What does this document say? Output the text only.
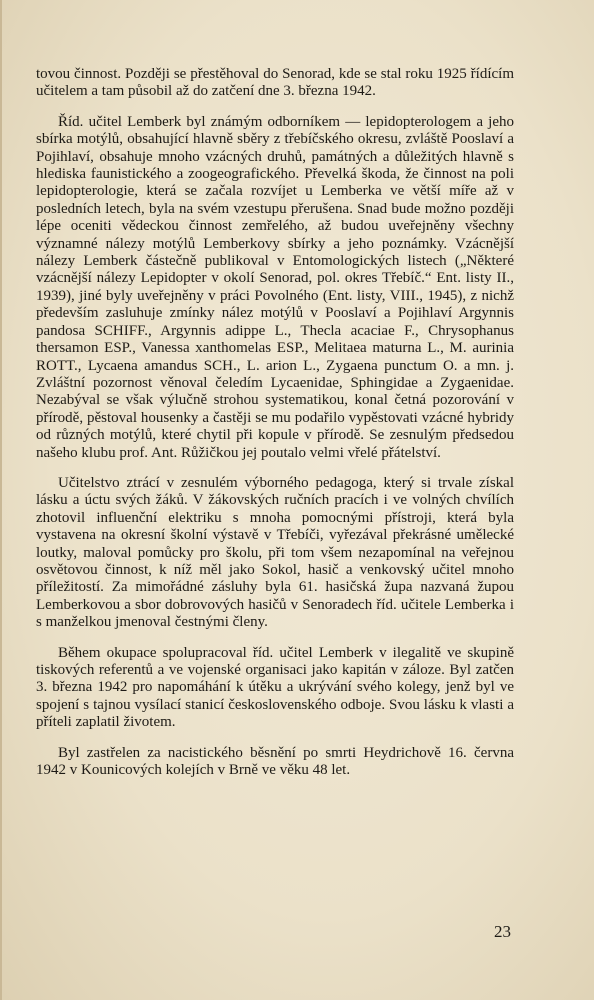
tovou činnost. Později se přestěhoval do Senorad, kde se stal roku 1925 řídícím učitelem a tam působil až do zatčení dne 3. března 1942.

Říd. učitel Lemberk byl známým odborníkem — lepidopterologem a jeho sbírka motýlů, obsahující hlavně sběry z třebíčského okresu, zvláště Pooslaví a Pojihlaví, obsahuje mnoho vzácných druhů, památných a důležitých hlavně s hlediska faunistického a zoogeografického. Převelká škoda, že činnost na poli lepidopterologie, která se začala rozvíjet u Lemberka ve větší míře až v posledních letech, byla na svém vzestupu přerušena. Snad bude možno později lépe oceniti vědeckou činnost zemřelého, až budou uveřejněny všechny významné nálezy motýlů Lemberkovy sbírky a jeho poznámky. Vzácnější nálezy Lemberk částečně publikoval v Entomologických listech („Některé vzácnější nálezy Lepidopter v okolí Senorad, pol. okres Třebíč.“ Ent. listy II., 1939), jiné byly uveřejněny v práci Povolného (Ent. listy, VIII., 1945), z nichž především zasluhuje zmínky nález motýlů v Pooslaví a Pojihlaví Argynnis pandosa SCHIFF., Argynnis adippe L., Thecla acaciae F., Chrysophanus thersamon ESP., Vanessa xanthomelas ESP., Melitaea maturna L., M. aurinia ROTT., Lycaena amandus SCH., L. arion L., Zygaena punctum O. a mn. j. Zvláštní pozornost věnoval čeledím Lycaenidae, Sphingidae a Zygaenidae. Nezabýval se však výlučně strohou systematikou, konal četná pozorování v přírodě, pěstoval housenky a častěji se mu podařilo vypěstovati vzácné hybridy od různých motýlů, které chytil při kopule v přírodě. Se zesnulým předsedou našeho klubu prof. Ant. Růžičkou jej poutalo velmi vřelé přátelství.

Učitelstvo ztrácí v zesnulém výborného pedagoga, který si trvale získal lásku a úctu svých žáků. V žákovských ručních pracích i ve volných chvílích zhotovil influenční elektriku s mnoha pomocnými přístroji, která byla vystavena na okresní školní výstavě v Třebíči, vyřezával překrásné umělecké loutky, maloval pomůcky pro školu, při tom všem nezapomínal na veřejnou osvětovou činnost, k níž měl jako Sokol, hasič a venkovský učitel mnoho příležitostí. Za mimořádné zásluhy byla 61. hasičská župa nazvaná župou Lemberkovou a sbor dobrovových hasičů v Senoradech říd. učitele Lemberka i s manželkou jmenoval čestnými členy.

Během okupace spolupracoval říd. učitel Lemberk v ilegalitě ve skupině tiskových referentů a ve vojenské organisaci jako kapitán v záloze. Byl zatčen 3. března 1942 pro napomáhání k útěku a ukrývání svého kolegy, jenž byl ve spojení s tajnou vysílací stanicí československého odboje. Svou lásku k vlasti a příteli zaplatil životem.

Byl zastřelen za nacistického běsnění po smrti Heydrichově 16. června 1942 v Kounicových kolejích v Brně ve věku 48 let.

23
